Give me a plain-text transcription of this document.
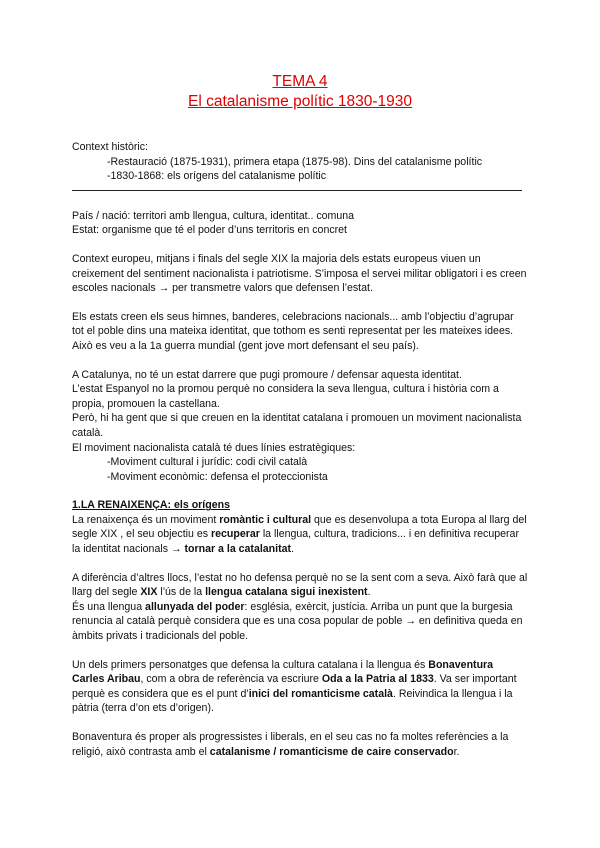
TEMA 4
El catalanisme polític 1830-1930

Context històric:

-Restauració (1875-1931), primera etapa (1875-98). Dins del catalanisme polític

-1830-1868: els orígens del catalanisme polític

País / nació: territori amb llengua, cultura, identitat.. comuna

Estat: organisme que té el poder d’uns territoris en concret

Context europeu, mitjans i finals del segle XIX la majoria dels estats europeus viuen un creixement del sentiment nacionalista i patriotisme. S’imposa el servei militar obligatori i es creen escoles nacionals → per transmetre valors que defensen l’estat.

Els estats creen els seus himnes, banderes, celebracions nacionals... amb l’objectiu d’agrupar tot el poble dins una mateixa identitat, que tothom es senti representat per les mateixes idees. Això es veu a la 1a guerra mundial (gent jove mort defensant el seu país).

A Catalunya, no té un estat darrere que pugi promoure / defensar aquesta identitat.

L’estat Espanyol no la promou perquè no considera la seva llengua, cultura i història com a propia, promouen la castellana.

Però, hi ha gent que si que creuen en la identitat catalana i promouen un moviment nacionalista català.

El moviment nacionalista català té dues línies estratègiques:

-Moviment cultural i jurídic: codi civil català

-Moviment econòmic: defensa el proteccionista

1.LA RENAIXENÇA: els orígens

La renaixença és un moviment romàntic i cultural que es desenvolupa a tota Europa al llarg del segle XIX , el seu objectiu es recuperar la llengua, cultura, tradicions... i en definitiva recuperar la identitat nacionals → tornar a la catalanitat.

A diferència d’altres llocs, l’estat no ho defensa perquè no se la sent com a seva. Això farà que al llarg del segle XIX l’ús de la llengua catalana sigui inexistent.

És una llengua allunyada del poder: església, exèrcit, justícia. Arriba un punt que la burgesia renuncia al català perquè considera que es una cosa popular de poble → en definitiva queda en àmbits privats i tradicionals del poble.

Un dels primers personatges que defensa la cultura catalana i la llengua és Bonaventura Carles Aribau, com a obra de referència va escriure Oda a la Patria al 1833. Va ser important perquè es considera que es el punt d’inici del romanticisme català. Reivindica la llengua i la pàtria (terra d’on ets d’origen).

Bonaventura és proper als progressistes i liberals, en el seu cas no fa moltes referències a la religió, això contrasta amb el catalanisme / romanticisme de caire conservador.
